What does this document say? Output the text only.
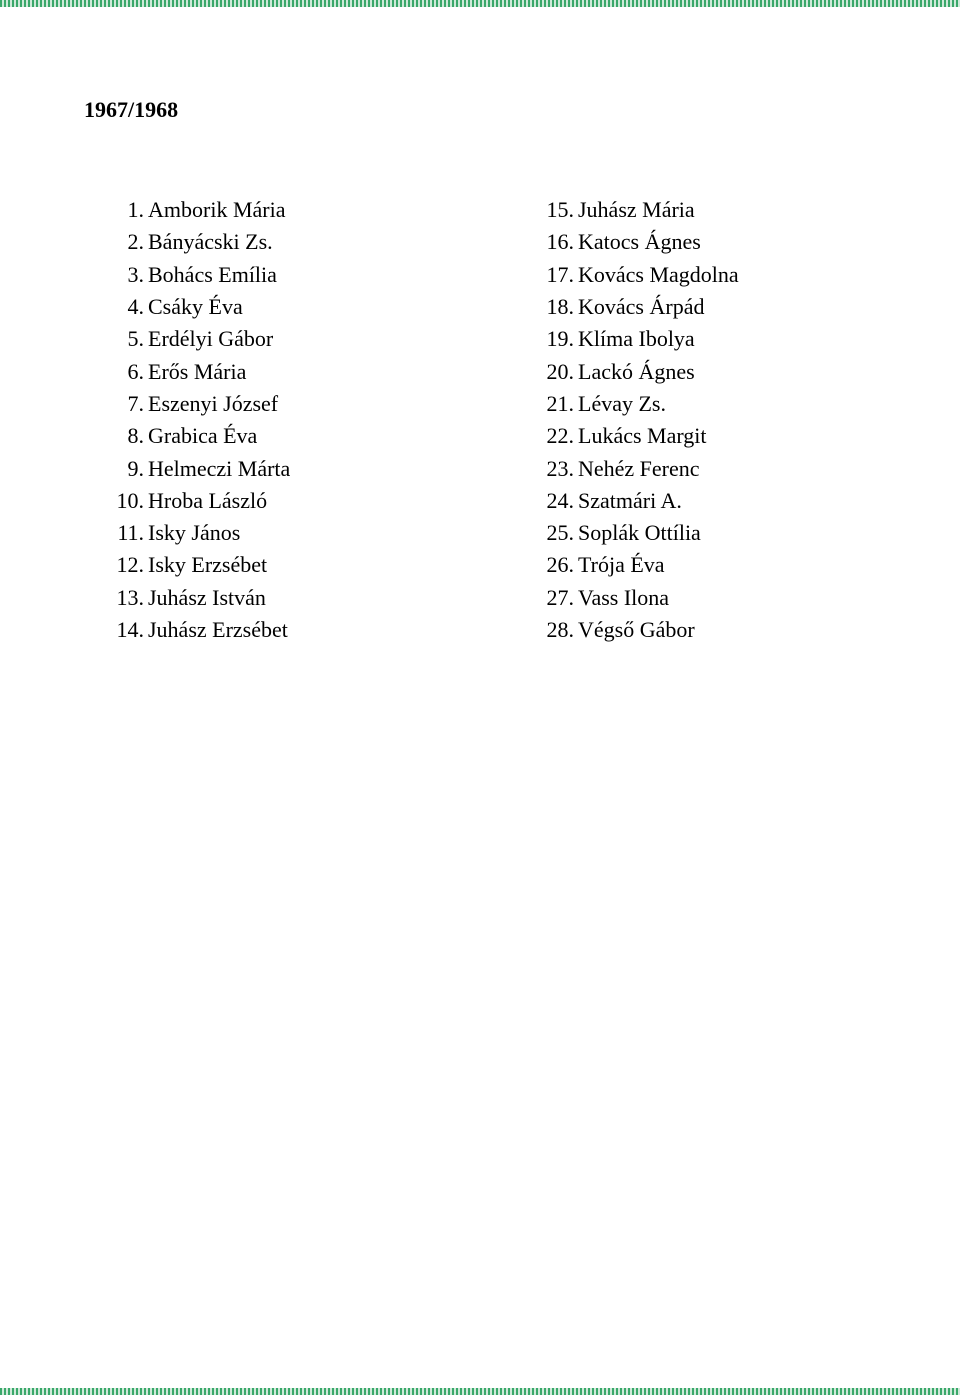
1967/1968
1. Amborik Mária
2. Bányácski Zs.
3. Bohács Emília
4. Csáky Éva
5. Erdélyi Gábor
6. Erős Mária
7. Eszenyi József
8. Grabica Éva
9. Helmeczi Márta
10. Hroba László
11. Isky János
12. Isky Erzsébet
13. Juhász István
14. Juhász Erzsébet
15. Juhász Mária
16. Katocs Ágnes
17. Kovács Magdolna
18. Kovács Árpád
19. Klíma Ibolya
20. Lackó Ágnes
21. Lévay Zs.
22. Lukács Margit
23. Nehéz Ferenc
24. Szatmári A.
25. Soplák Ottília
26. Trója Éva
27. Vass Ilona
28. Végső Gábor
